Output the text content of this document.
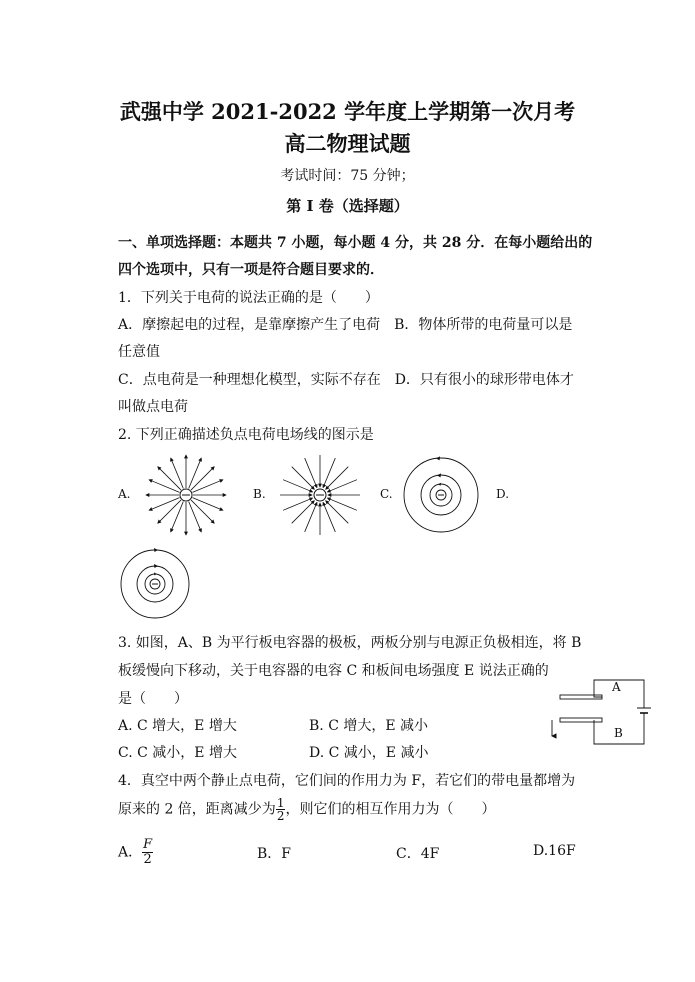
武强中学 2021-2022 学年度上学期第一次月考
高二物理试题
考试时间：75 分钟；
第 I 卷（选择题）
一、单项选择题：本题共 7 小题，每小题 4 分，共 28 分．在每小题给出的
四个选项中，只有一项是符合题目要求的．
1．下列关于电荷的说法正确的是（　　）
A．摩擦起电的过程，是靠摩擦产生了电荷　B．物体所带的电荷量可以是
任意值
C．点电荷是一种理想化模型，实际不存在　D．只有很小的球形带电体才
叫做点电荷
2. 下列正确描述负点电荷电场线的图示是
A.	B.	C.	D.
3. 如图，A、B 为平行板电容器的极板，两板分别与电源正负极相连，将 B
板缓慢向下移动，关于电容器的电容 C 和板间电场强度 E 说法正确的
是（　　）
A
B
A. C 增大，E 增大	B. C 增大，E 减小
C. C 减小，E 增大	D. C 减小，E 减小
4．真空中两个静止点电荷，它们间的作用力为 F，若它们的带电量都增为
原来的 2 倍，距离减少为 $\frac{1}{2}$ ，则它们的相互作用力为（　　）
A． $\frac{F}{2}$	B．F	C．4F	D.16F
